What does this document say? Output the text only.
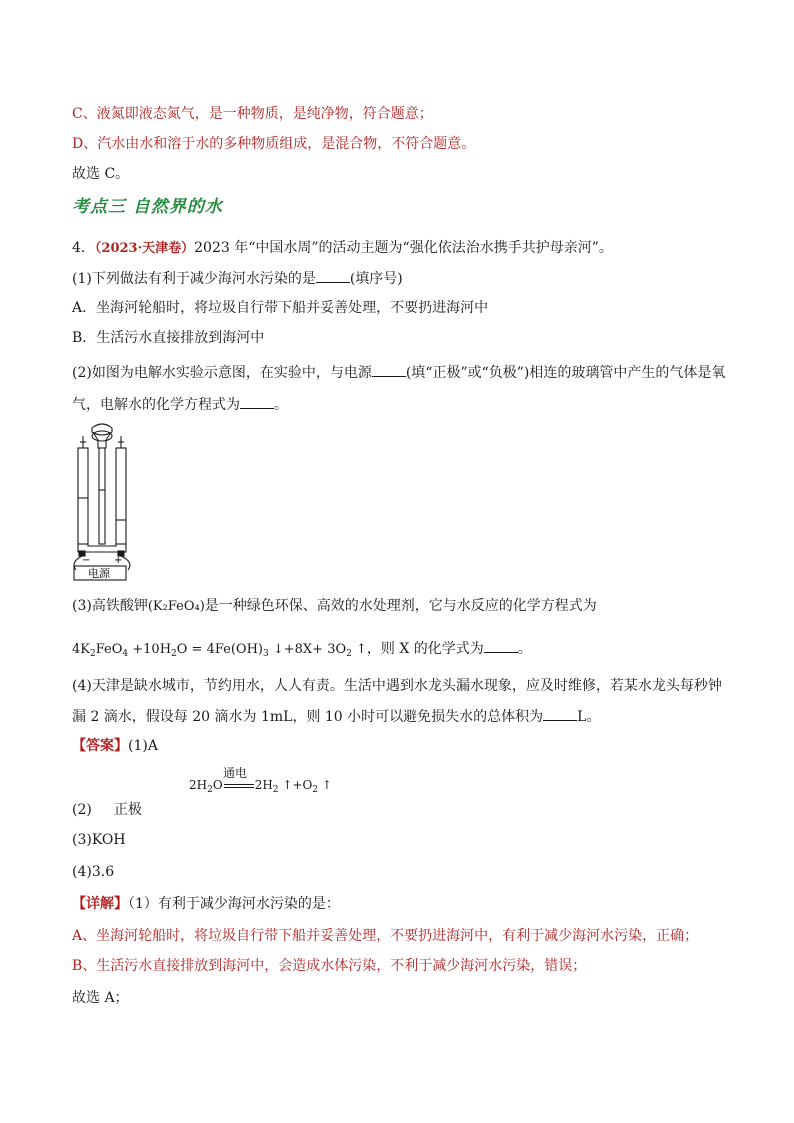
C、液氮即液态氮气，是一种物质，是纯净物，符合题意；
D、汽水由水和溶于水的多种物质组成，是混合物，不符合题意。
故选 C。
考点三 自然界的水
4．（2023·天津卷）2023 年“中国水周”的活动主题为“强化依法治水携手共护母亲河”。
(1)下列做法有利于减少海河水污染的是 (填序号)
A．坐海河轮船时，将垃圾自行带下船并妥善处理，不要扔进海河中
B．生活污水直接排放到海河中
(2)如图为电解水实验示意图，在实验中，与电源 (填“正极”或“负极”)相连的玻璃管中产生的气体是氧
气，电解水的化学方程式为 。
− +
电源
(3)高铁酸钾(K₂FeO₄)是一种绿色环保、高效的水处理剂，它与水反应的化学方程式为
$4K_2FeO_4 +10H_2O = 4Fe(OH)_3$ ↓+8X+ $3O_2$ ↑，则 X 的化学式为 。
(4)天津是缺水城市，节约用水，人人有责。生活中遇到水龙头漏水现象，应及时维修，若某水龙头每秒钟
漏 2 滴水，假设每 20 滴水为 1mL，则 10 小时可以避免损失水的总体积为 L。
【答案】(1)A
通电
$2H_2O$	$2H_2$ $↑+O_2$ ↑
(2) 正极
(3)KOH
(4)3.6
【详解】（1）有利于减少海河水污染的是：
A、坐海河轮船时，将垃圾自行带下船并妥善处理，不要扔进海河中，有利于减少海河水污染，正确；
B、生活污水直接排放到海河中，会造成水体污染，不利于减少海河水污染，错误；
故选 A；
